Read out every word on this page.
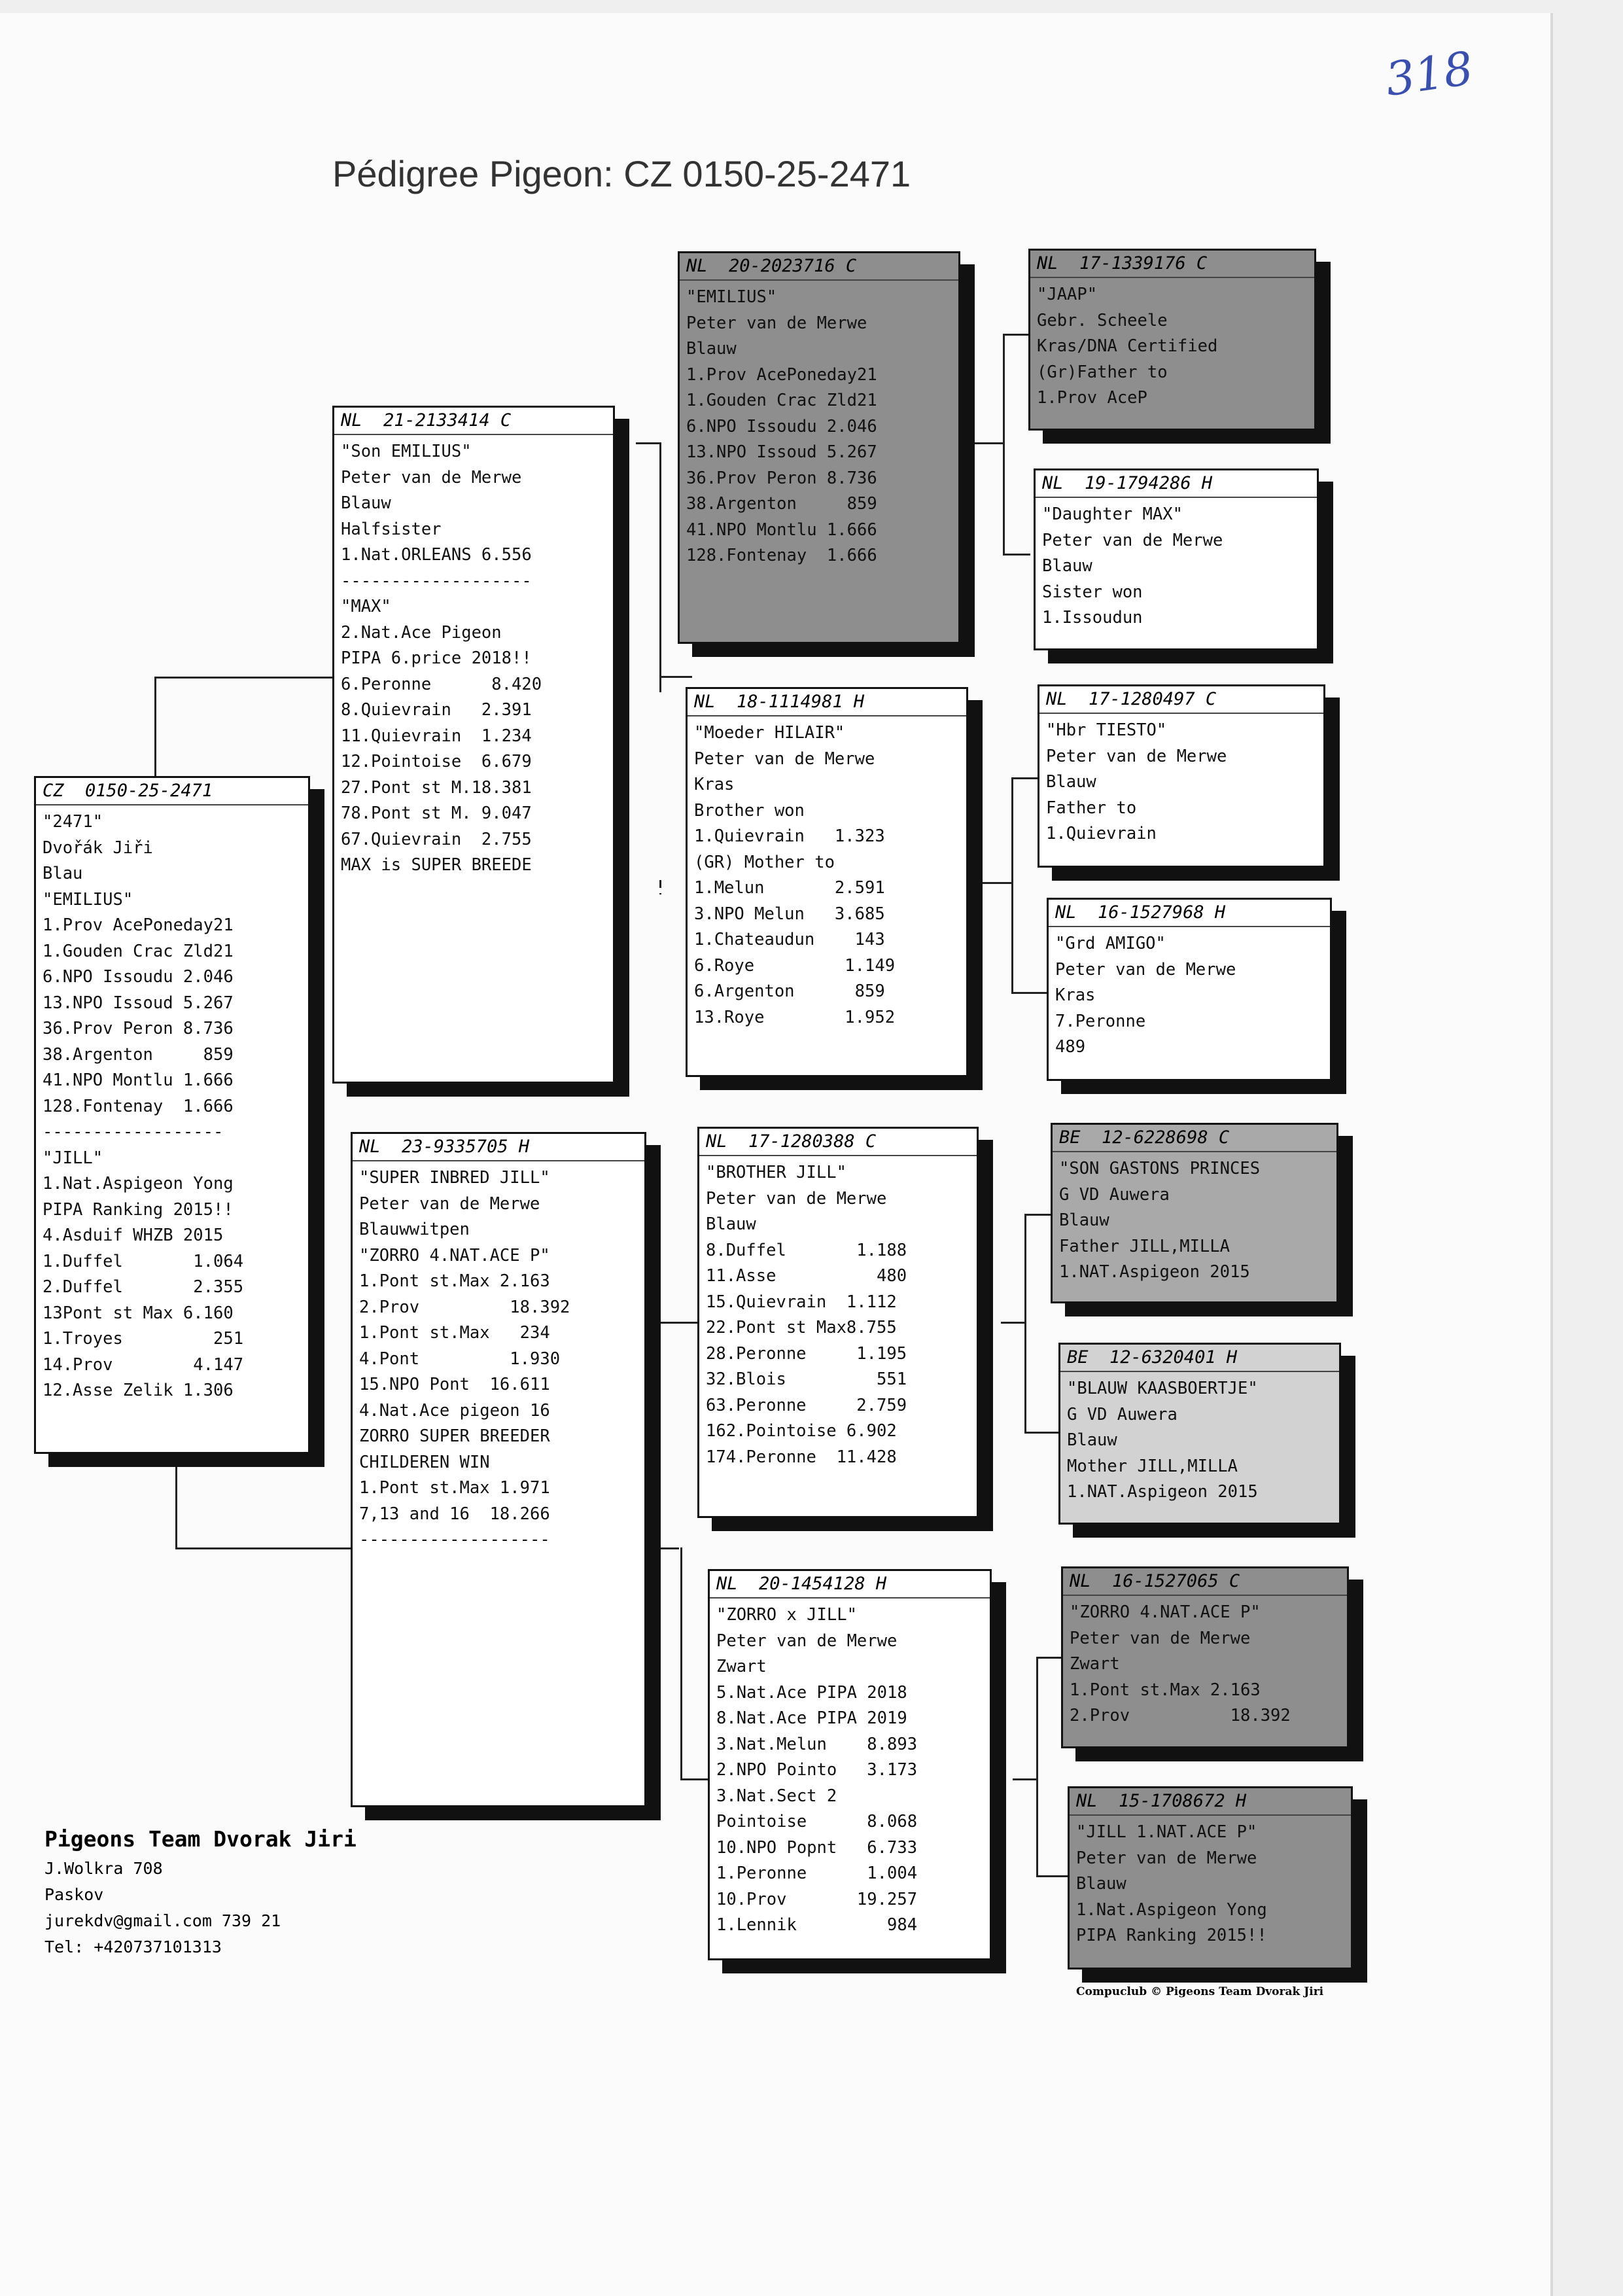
318
Pédigree Pigeon: CZ 0150-25-2471
CZ  0150-25-2471
"2471"
Dvořák Jiři
Blau
"EMILIUS"
1.Prov AcePoneday21
1.Gouden Crac Zld21
6.NPO Issoudu 2.046
13.NPO Issoud 5.267
36.Prov Peron 8.736
38.Argenton     859
41.NPO Montlu 1.666
128.Fontenay  1.666
------------------
"JILL"
1.Nat.Aspigeon Yong
PIPA Ranking 2015!!
4.Asduif WHZB 2015
1.Duffel       1.064
2.Duffel       2.355
13Pont st Max 6.160
1.Troyes         251
14.Prov        4.147
12.Asse Zelik 1.306
NL  21-2133414 C
"Son EMILIUS"
Peter van de Merwe
Blauw
Halfsister
1.Nat.ORLEANS 6.556
-------------------
"MAX"
2.Nat.Ace Pigeon
PIPA 6.price 2018!!
6.Peronne      8.420
8.Quievrain   2.391
11.Quievrain  1.234
12.Pointoise  6.679
27.Pont st M.18.381
78.Pont st M. 9.047
67.Quievrain  2.755
MAX is SUPER BREEDE
NL  23-9335705 H
"SUPER INBRED JILL"
Peter van de Merwe
Blauwwitpen
"ZORRO 4.NAT.ACE P"
1.Pont st.Max 2.163
2.Prov         18.392
1.Pont st.Max   234
4.Pont         1.930
15.NPO Pont  16.611
4.Nat.Ace pigeon 16
ZORRO SUPER BREEDER
CHILDEREN WIN
1.Pont st.Max 1.971
7,13 and 16  18.266
-------------------
NL  20-2023716 C
"EMILIUS"
Peter van de Merwe
Blauw
1.Prov AcePoneday21
1.Gouden Crac Zld21
6.NPO Issoudu 2.046
13.NPO Issoud 5.267
36.Prov Peron 8.736
38.Argenton     859
41.NPO Montlu 1.666
128.Fontenay  1.666
NL  18-1114981 H
"Moeder HILAIR"
Peter van de Merwe
Kras
Brother won
1.Quievrain   1.323
(GR) Mother to
1.Melun       2.591
3.NPO Melun   3.685
1.Chateaudun    143
6.Roye         1.149
6.Argenton      859
13.Roye        1.952
NL  17-1280388 C
"BROTHER JILL"
Peter van de Merwe
Blauw
8.Duffel       1.188
11.Asse          480
15.Quievrain  1.112
22.Pont st Max8.755
28.Peronne     1.195
32.Blois         551
63.Peronne     2.759
162.Pointoise 6.902
174.Peronne  11.428
NL  20-1454128 H
"ZORRO x JILL"
Peter van de Merwe
Zwart
5.Nat.Ace PIPA 2018
8.Nat.Ace PIPA 2019
3.Nat.Melun    8.893
2.NPO Pointo   3.173
3.Nat.Sect 2
Pointoise      8.068
10.NPO Popnt   6.733
1.Peronne      1.004
10.Prov       19.257
1.Lennik         984
NL  17-1339176 C
"JAAP"
Gebr. Scheele
Kras/DNA Certified
(Gr)Father to
1.Prov AceP
NL  19-1794286 H
"Daughter MAX"
Peter van de Merwe
Blauw
Sister won
1.Issoudun
NL  17-1280497 C
"Hbr TIESTO"
Peter van de Merwe
Blauw
Father to
1.Quievrain
NL  16-1527968 H
"Grd AMIGO"
Peter van de Merwe
Kras
7.Peronne
489
BE  12-6228698 C
"SON GASTONS PRINCES
G VD Auwera
Blauw
Father JILL,MILLA
1.NAT.Aspigeon 2015
BE  12-6320401 H
"BLAUW KAASBOERTJE"
G VD Auwera
Blauw
Mother JILL,MILLA
1.NAT.Aspigeon 2015
NL  16-1527065 C
"ZORRO 4.NAT.ACE P"
Peter van de Merwe
Zwart
1.Pont st.Max 2.163
2.Prov          18.392
NL  15-1708672 H
"JILL 1.NAT.ACE P"
Peter van de Merwe
Blauw
1.Nat.Aspigeon Yong
PIPA Ranking 2015!!
Pigeons Team Dvorak Jiri
J.Wolkra 708
Paskov
jurekdv@gmail.com 739 21
Tel: +420737101313
Compuclub © Pigeons Team Dvorak Jiri
